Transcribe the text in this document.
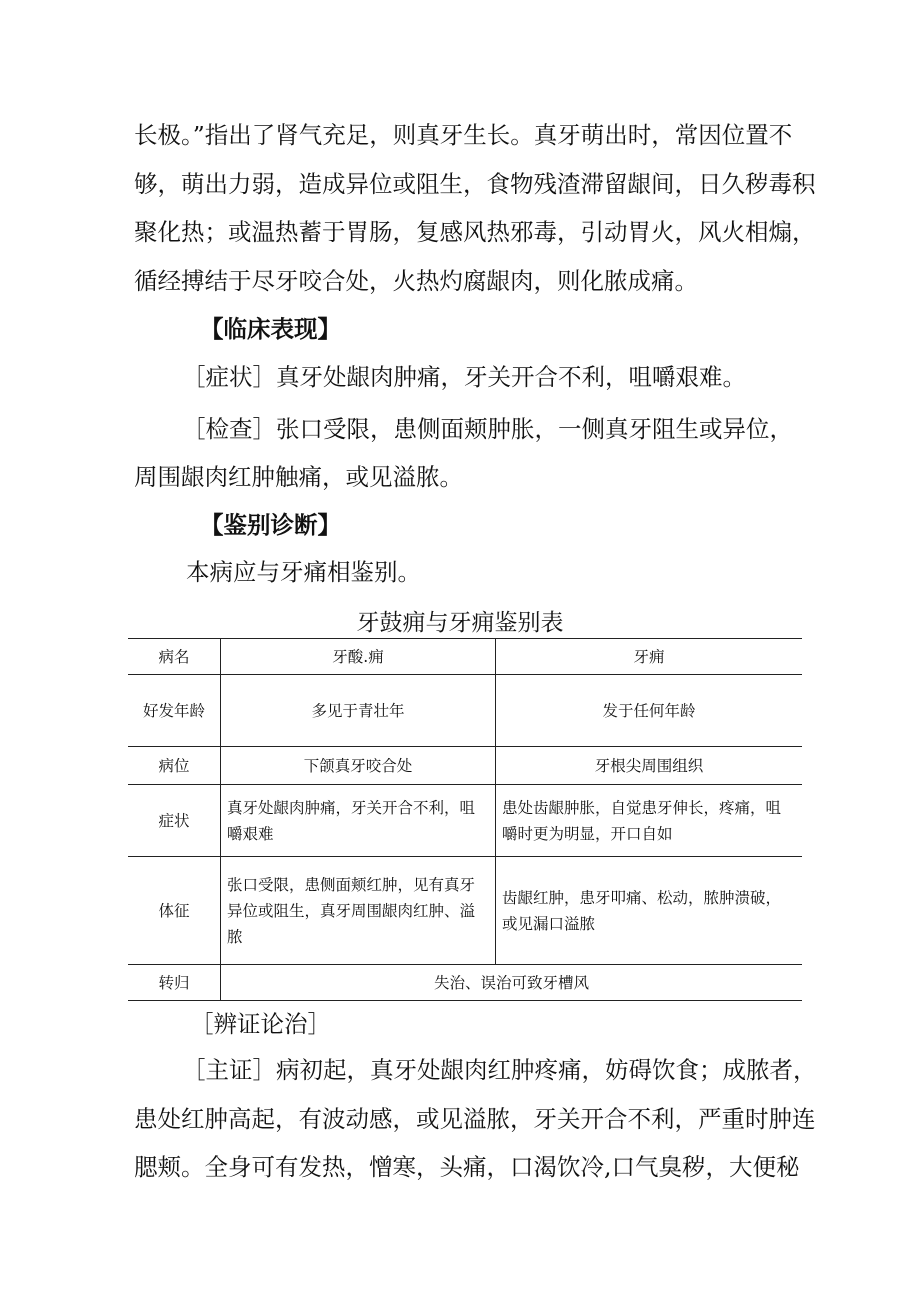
长极。”指出了肾气充足，则真牙生长。真牙萌出时，常因位置不
够，萌出力弱，造成异位或阻生，食物残渣滞留龈间，日久秽毒积
聚化热；或温热蓄于胃肠，复感风热邪毒，引动胃火，风火相煽，
循经搏结于尽牙咬合处，火热灼腐龈肉，则化脓成痛。
【临床表现】
［症状］真牙处龈肉肿痛，牙关开合不利，咀嚼艰难。
［检查］张口受限，患侧面颊肿胀，一侧真牙阻生或异位，
周围龈肉红肿触痛，或见溢脓。
【鉴别诊断】
本病应与牙痛相鉴别。
牙鼓痈与牙痈鉴别表
病名	牙酸.痈	牙痈
好发年龄	多见于青壮年	发于任何年龄
病位	下颌真牙咬合处	牙根尖周围组织
症状	真牙处龈肉肿痛，牙关开合不利，咀嚼艰难	患处齿龈肿胀，自觉患牙伸长，疼痛，咀嚼时更为明显，开口自如
体征	张口受限，患侧面颊红肿，见有真牙异位或阻生，真牙周围龈肉红肿、溢脓	齿龈红肿，患牙叩痛、松动，脓肿溃破，或见漏口溢脓
转归	失治、误治可致牙槽风	
［辨证论治］
［主证］病初起，真牙处龈肉红肿疼痛，妨碍饮食；成脓者，
患处红肿高起，有波动感，或见溢脓，牙关开合不利，严重时肿连
腮颊。全身可有发热，憎寒，头痛，口渴饮冷,口气臭秽，大便秘
